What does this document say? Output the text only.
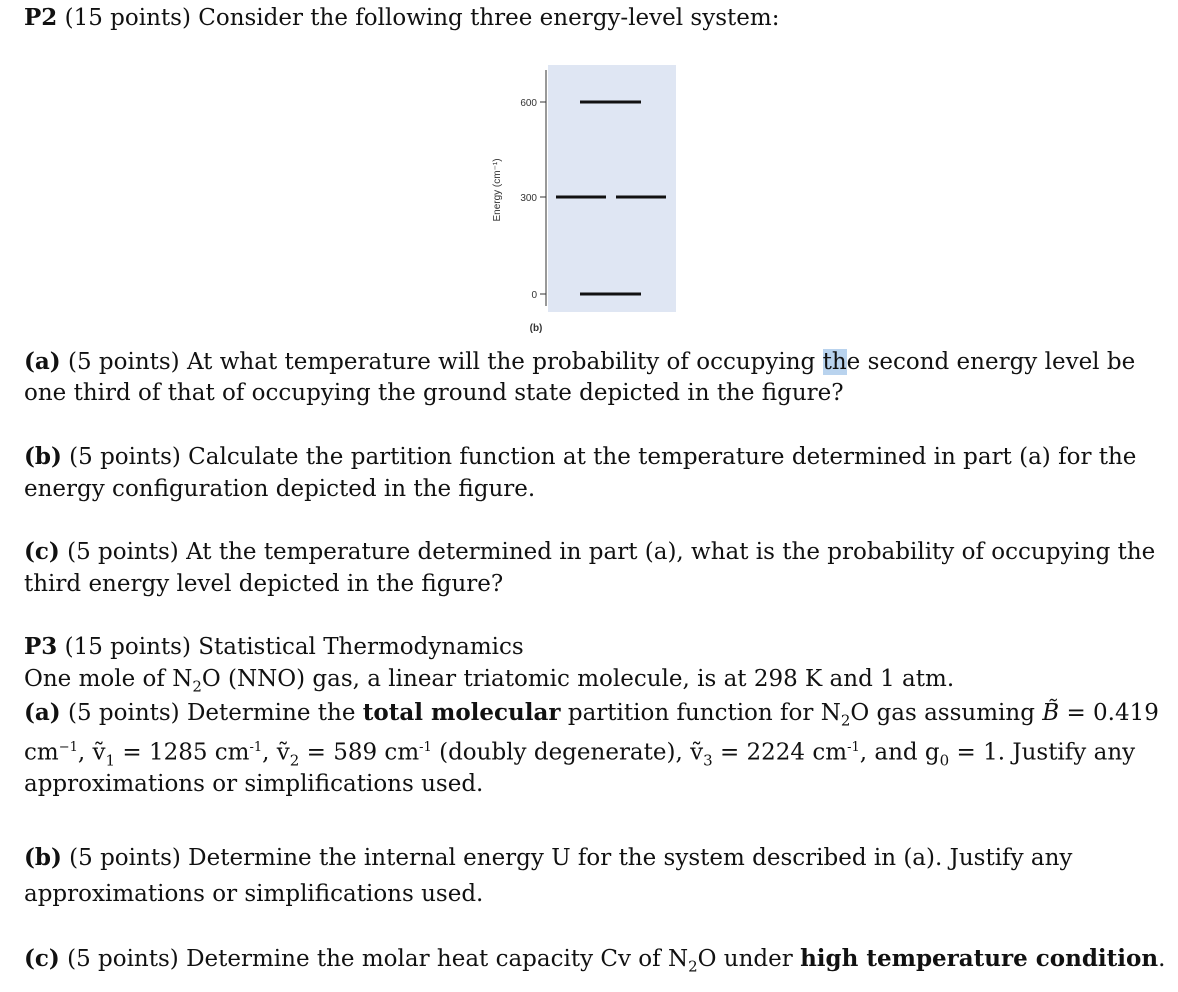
P2 (15 points) Consider the following three energy-level system:
600
300
0
Energy (cm⁻¹)
(b)
(a) (5 points) At what temperature will the probability of occupying the second energy level be
one third of that of occupying the ground state depicted in the figure?
(b) (5 points) Calculate the partition function at the temperature determined in part (a) for the
energy configuration depicted in the figure.
(c) (5 points) At the temperature determined in part (a), what is the probability of occupying the
third energy level depicted in the figure?
P3 (15 points) Statistical Thermodynamics
One mole of $N_2O$ (NNO) gas, a linear triatomic molecule, is at 298 K and 1 atm.
(a) (5 points) Determine the total molecular partition function for $N_2O$ gas assuming B̃ = 0.419
$cm^{-1}$, ṽ$_1$ = 1285 $cm^{-1}$, ṽ$_2$ = 589 $cm^{-1}$ (doubly degenerate), ṽ$_3$ = 2224 $cm^{-1}$, and $g_0 = 1$. Justify any
approximations or simplifications used.
(b) (5 points) Determine the internal energy U for the system described in (a). Justify any
approximations or simplifications used.
(c) (5 points) Determine the molar heat capacity Cv of $N_2O$ under high temperature condition.
